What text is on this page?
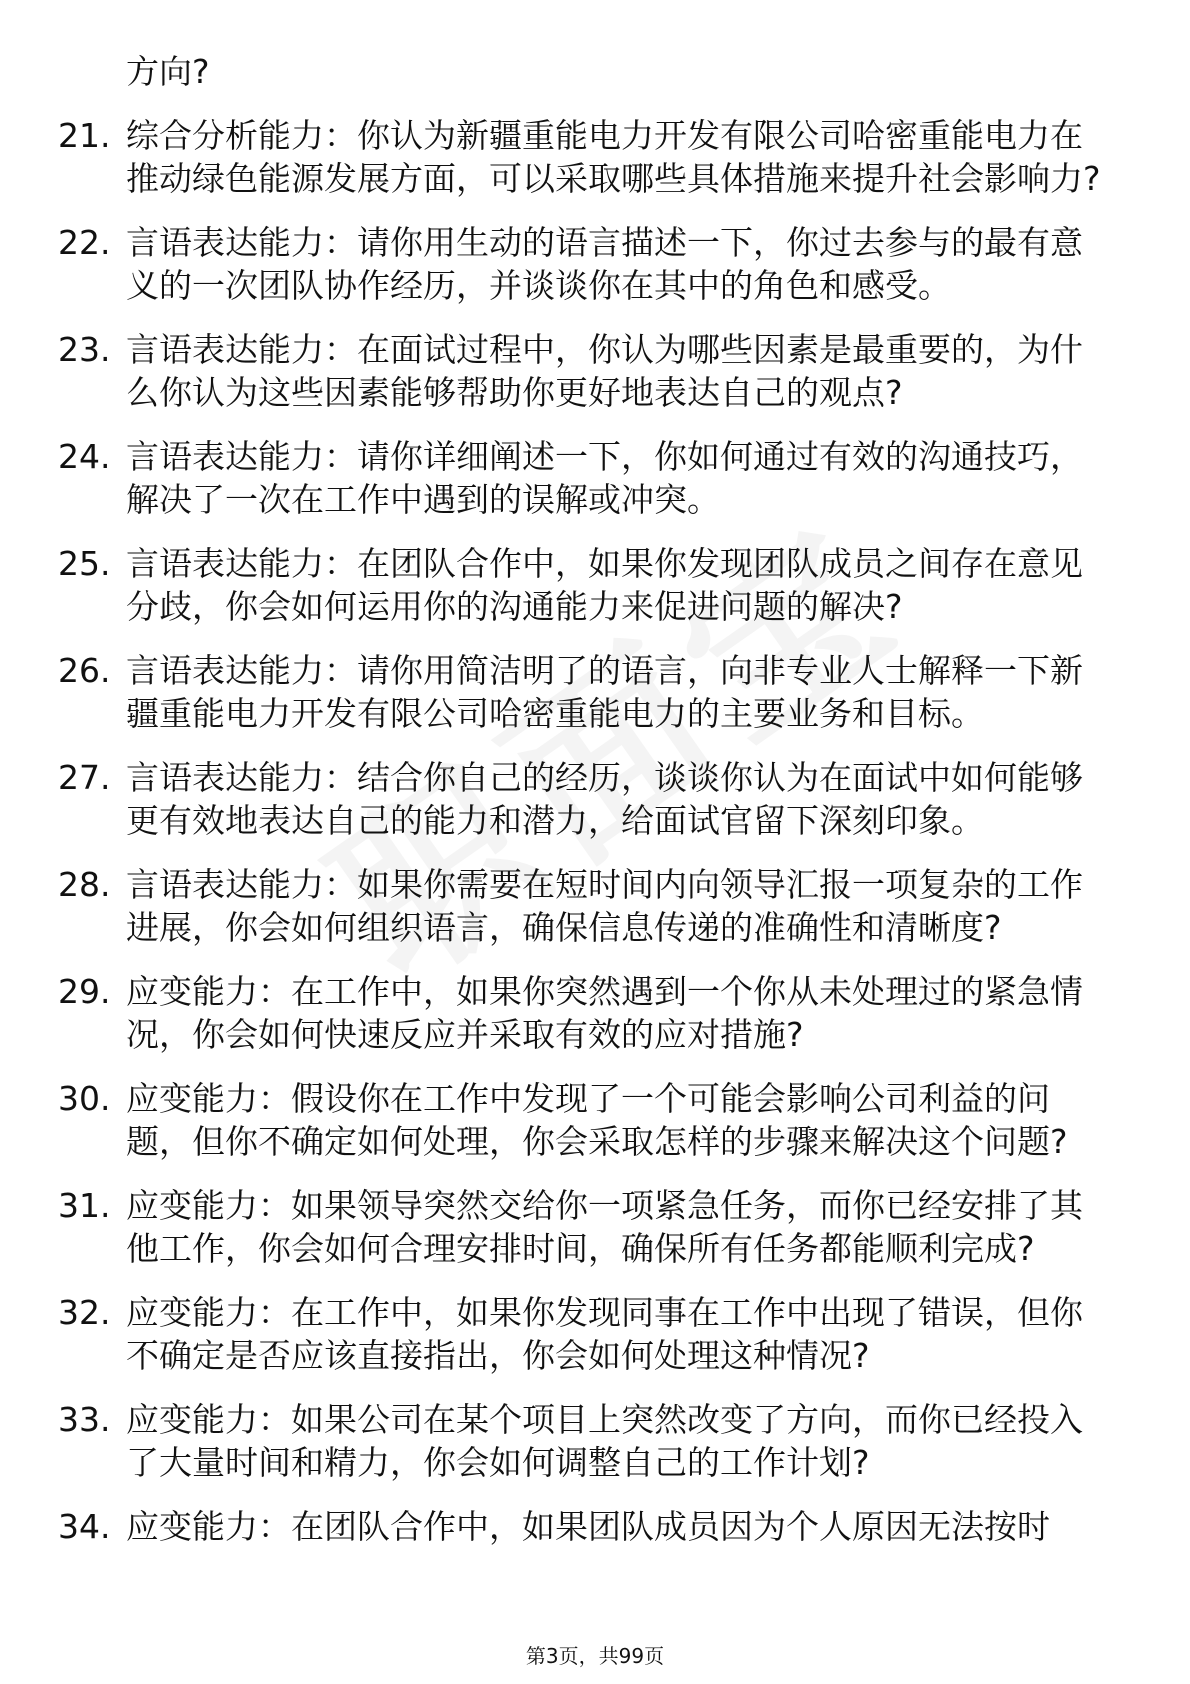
方向?
21. 综合分析能力：你认为新疆重能电力开发有限公司哈密重能电力在推动绿色能源发展方面，可以采取哪些具体措施来提升社会影响力?
22. 言语表达能力：请你用生动的语言描述一下，你过去参与的最有意义的一次团队协作经历，并谈谈你在其中的角色和感受。
23. 言语表达能力：在面试过程中，你认为哪些因素是最重要的，为什么你认为这些因素能够帮助你更好地表达自己的观点?
24. 言语表达能力：请你详细阐述一下，你如何通过有效的沟通技巧，解决了一次在工作中遇到的误解或冲突。
25. 言语表达能力：在团队合作中，如果你发现团队成员之间存在意见分歧，你会如何运用你的沟通能力来促进问题的解决?
26. 言语表达能力：请你用简洁明了的语言，向非专业人士解释一下新疆重能电力开发有限公司哈密重能电力的主要业务和目标。
27. 言语表达能力：结合你自己的经历，谈谈你认为在面试中如何能够更有效地表达自己的能力和潜力，给面试官留下深刻印象。
28. 言语表达能力：如果你需要在短时间内向领导汇报一项复杂的工作进展，你会如何组织语言，确保信息传递的准确性和清晰度?
29. 应变能力：在工作中，如果你突然遇到一个你从未处理过的紧急情况，你会如何快速反应并采取有效的应对措施?
30. 应变能力：假设你在工作中发现了一个可能会影响公司利益的问题，但你不确定如何处理，你会采取怎样的步骤来解决这个问题?
31. 应变能力：如果领导突然交给你一项紧急任务，而你已经安排了其他工作，你会如何合理安排时间，确保所有任务都能顺利完成?
32. 应变能力：在工作中，如果你发现同事在工作中出现了错误，但你不确定是否应该直接指出，你会如何处理这种情况?
33. 应变能力：如果公司在某个项目上突然改变了方向，而你已经投入了大量时间和精力，你会如何调整自己的工作计划?
34. 应变能力：在团队合作中，如果团队成员因为个人原因无法按时
第3页，共99页
